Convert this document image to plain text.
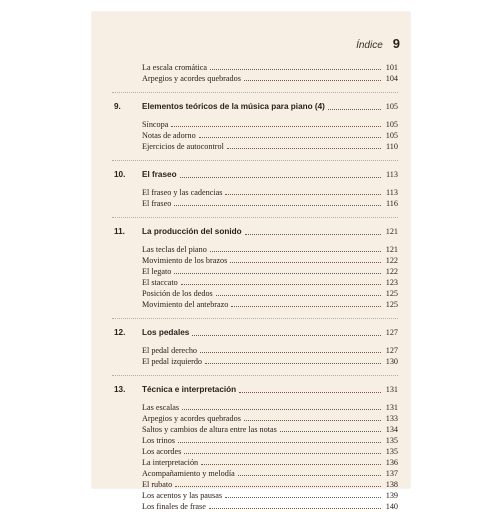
Índice 9
La escala cromática	101
Arpegios y acordes quebrados	104
9.	Elementos teóricos de la música para piano (4)	105
Síncopa	105
Notas de adorno	105
Ejercicios de autocontrol	110
10.	El fraseo	113
El fraseo y las cadencias	113
El fraseo	116
11.	La producción del sonido	121
Las teclas del piano	121
Movimiento de los brazos	122
El legato	122
El staccato	123
Posición de los dedos	125
Movimiento del antebrazo	125
12.	Los pedales	127
El pedal derecho	127
El pedal izquierdo	130
13.	Técnica e interpretación	131
Las escalas	131
Arpegios y acordes quebrados	133
Saltos y cambios de altura entre las notas	134
Los trinos	135
Los acordes	135
La interpretación	136
Acompañamiento y melodía	137
El rubato	138
Los acentos y las pausas	139
Los finales de frase	140
